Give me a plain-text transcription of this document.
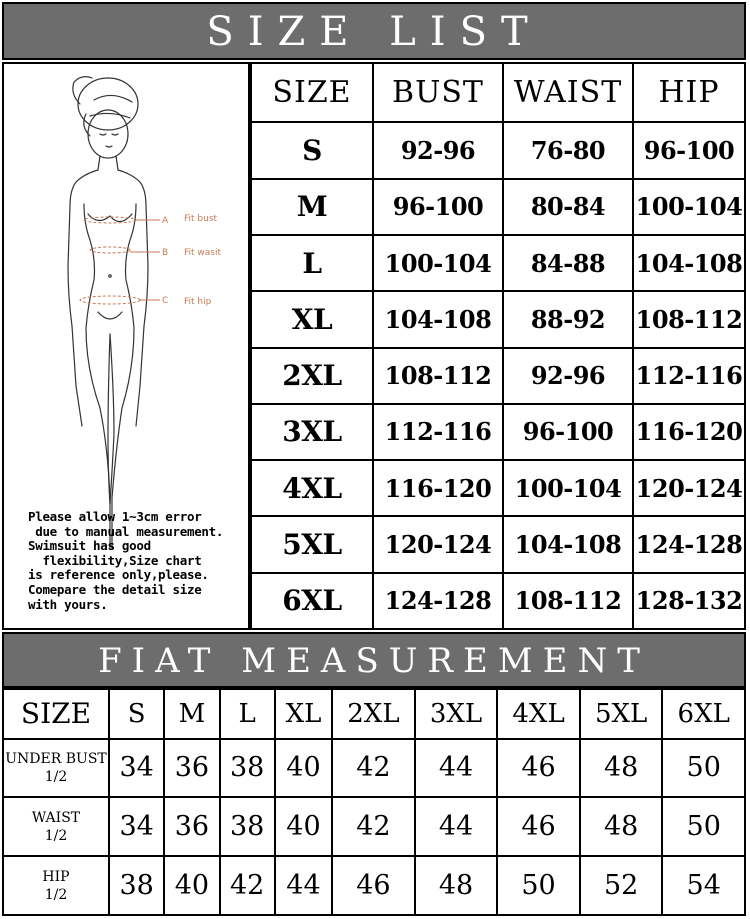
SIZE LIST
A Fit bust
B Fit wasit
C Fit hip
Please allow 1~3cm error
due to manual measurement.
Swimsuit has good
flexibility,Size chart
is reference only,please.
Comepare the detail size
with yours.
SIZE	BUST	WAIST	HIP
S	92-96	76-80	96-100
M	96-100	80-84	100-104
L	100-104	84-88	104-108
XL	104-108	88-92	108-112
2XL	108-112	92-96	112-116
3XL	112-116	96-100	116-120
4XL	116-120	100-104	120-124
5XL	120-124	104-108	124-128
6XL	124-128	108-112	128-132
FIAT MEASUREMENT
SIZE	S	M	L	XL	2XL	3XL	4XL	5XL	6XL

UNDER BUST
1/2	34	36	38	40	42	44	46	48	50

WAIST
1/2	34	36	38	40	42	44	46	48	50

HIP
1/2	38	40	42	44	46	48	50	52	54
